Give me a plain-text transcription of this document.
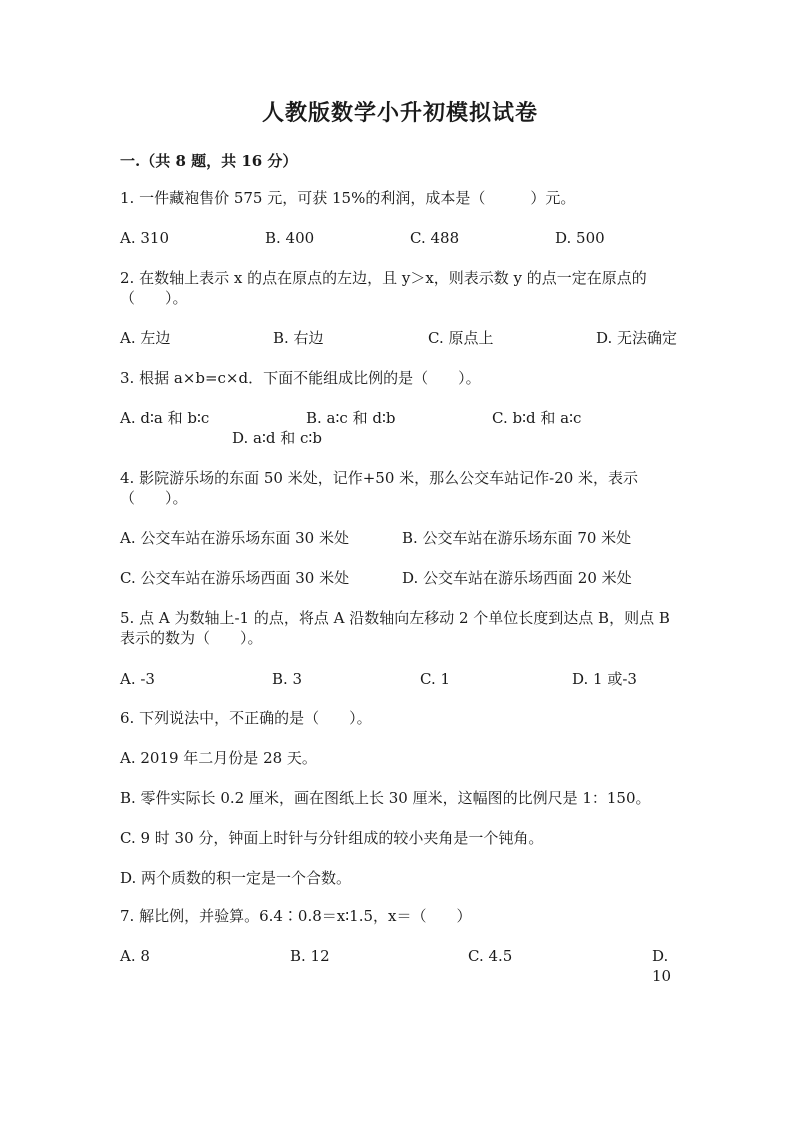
人教版数学小升初模拟试卷
一.（共 8 题，共 16 分）
1. 一件藏袍售价 575 元，可获 15%的利润，成本是（　　　）元。
A. 310	B. 400	C. 488	D. 500
2. 在数轴上表示 x 的点在原点的左边，且 y＞x，则表示数 y 的点一定在原点的（　　）。
A. 左边	B. 右边	C. 原点上	D. 无法确定
3. 根据 a×b=c×d．下面不能组成比例的是（　　）。
A. d∶a 和 b∶c	B. a∶c 和 d∶b	C. b∶d 和 a∶c
D. a∶d 和 c∶b
4. 影院游乐场的东面 50 米处，记作+50 米，那么公交车站记作-20 米，表示（　　）。
A. 公交车站在游乐场东面 30 米处	B. 公交车站在游乐场东面 70 米处
C. 公交车站在游乐场西面 30 米处	D. 公交车站在游乐场西面 20 米处
5. 点 A 为数轴上-1 的点，将点 A 沿数轴向左移动 2 个单位长度到达点 B，则点 B 表示的数为（　　）。
A. -3	B. 3	C. 1	D. 1 或-3
6. 下列说法中，不正确的是（　　）。
A. 2019 年二月份是 28 天。
B. 零件实际长 0.2 厘米，画在图纸上长 30 厘米，这幅图的比例尺是 1：150。
C. 9 时 30 分，钟面上时针与分针组成的较小夹角是一个钝角。
D. 两个质数的积一定是一个合数。
7. 解比例，并验算。6.4∶0.8＝x∶1.5，x＝（　　）
A. 8	B. 12	C. 4.5	D. 10
